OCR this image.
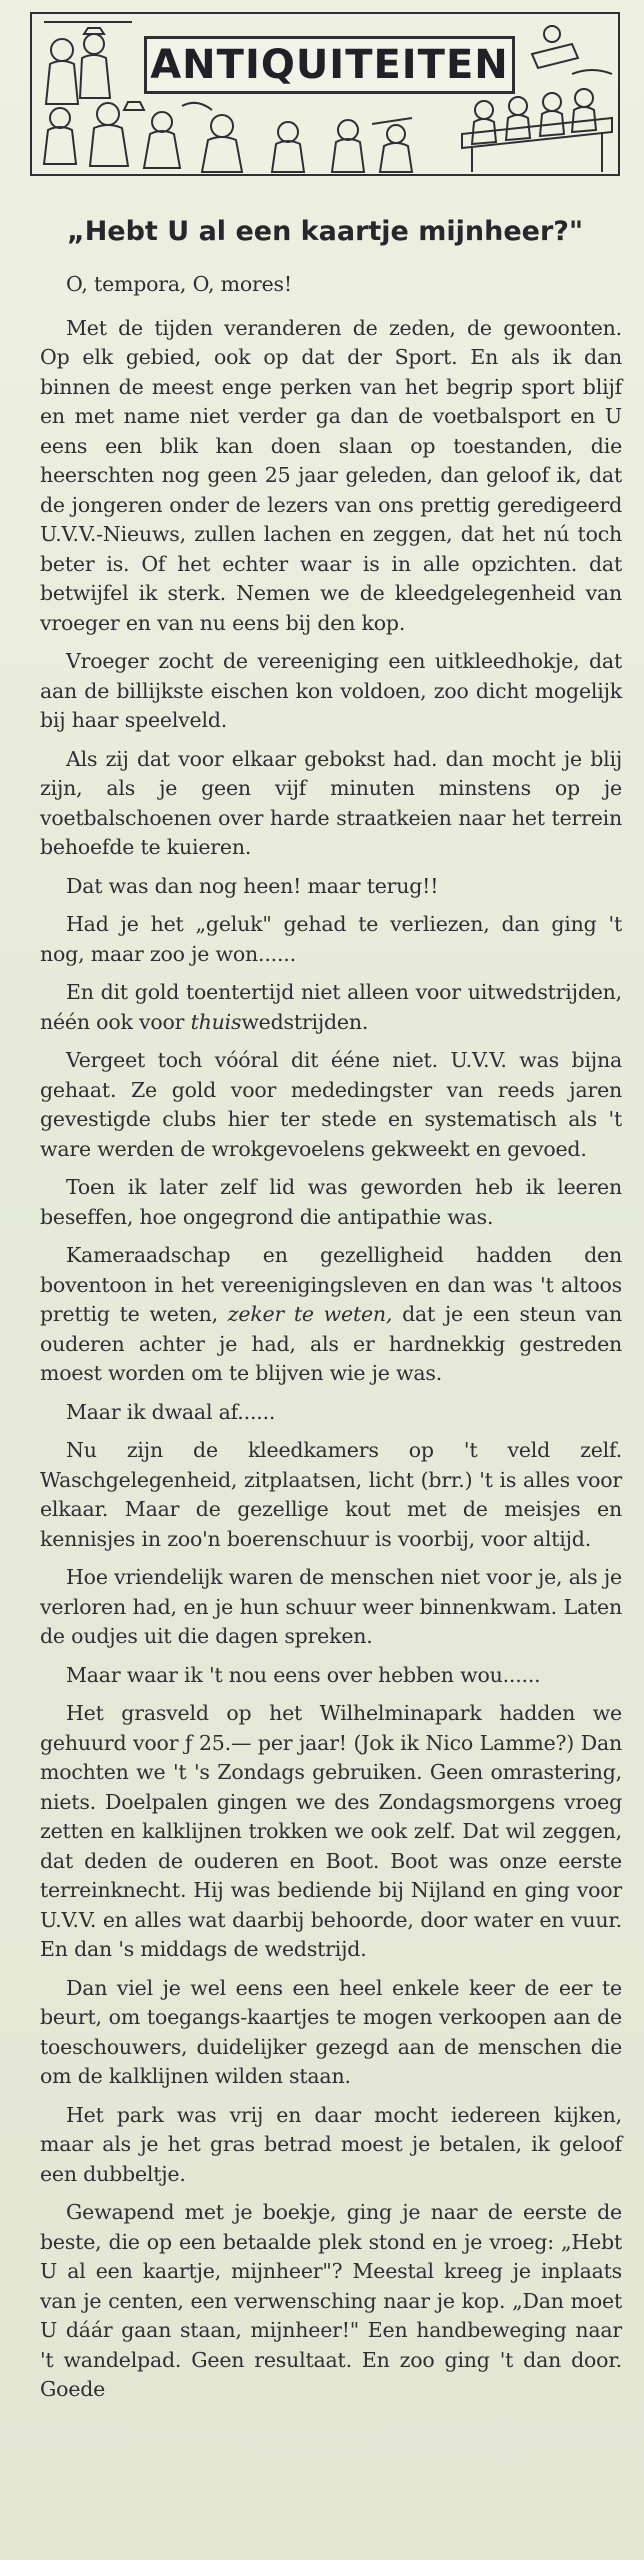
ANTIQUITEITEN
„Hebt U al een kaartje mijnheer?"

O, tempora, O, mores!

Met de tijden veranderen de zeden, de gewoonten. Op elk gebied, ook op dat der Sport. En als ik dan binnen de meest enge perken van het begrip sport blijf en met name niet verder ga dan de voetbalsport en U eens een blik kan doen slaan op toestanden, die heerschten nog geen 25 jaar geleden, dan geloof ik, dat de jongeren onder de lezers van ons prettig geredigeerd U.V.V.-Nieuws, zullen lachen en zeggen, dat het nú toch beter is. Of het echter waar is in alle opzichten. dat betwijfel ik sterk. Nemen we de kleedgelegenheid van vroeger en van nu eens bij den kop.

Vroeger zocht de vereeniging een uitkleedhokje, dat aan de billijkste eischen kon voldoen, zoo dicht mogelijk bij haar speelveld.

Als zij dat voor elkaar gebokst had. dan mocht je blij zijn, als je geen vijf minuten minstens op je voetbalschoenen over harde straatkeien naar het terrein behoefde te kuieren.

Dat was dan nog heen! maar terug!!

Had je het „geluk" gehad te verliezen, dan ging 't nog, maar zoo je won......

En dit gold toentertijd niet alleen voor uitwedstrijden, néén ook voor thuiswedstrijden.

Vergeet toch vóóral dit ééne niet. U.V.V. was bijna gehaat. Ze gold voor mededingster van reeds jaren gevestigde clubs hier ter stede en systematisch als 't ware werden de wrokgevoelens gekweekt en gevoed.

Toen ik later zelf lid was geworden heb ik leeren beseffen, hoe ongegrond die antipathie was.

Kameraadschap en gezelligheid hadden den boventoon in het vereenigingsleven en dan was 't altoos prettig te weten, zeker te weten, dat je een steun van ouderen achter je had, als er hardnekkig gestreden moest worden om te blijven wie je was.

Maar ik dwaal af......

Nu zijn de kleedkamers op 't veld zelf. Waschgelegenheid, zitplaatsen, licht (brr.) 't is alles voor elkaar. Maar de gezellige kout met de meisjes en kennisjes in zoo'n boerenschuur is voorbij, voor altijd.

Hoe vriendelijk waren de menschen niet voor je, als je verloren had, en je hun schuur weer binnenkwam. Laten de oudjes uit die dagen spreken.

Maar waar ik 't nou eens over hebben wou......

Het grasveld op het Wilhelminapark hadden we gehuurd voor ƒ 25.— per jaar! (Jok ik Nico Lamme?) Dan mochten we 't 's Zondags gebruiken. Geen omrastering, niets. Doelpalen gingen we des Zondagsmorgens vroeg zetten en kalklijnen trokken we ook zelf. Dat wil zeggen, dat deden de ouderen en Boot. Boot was onze eerste terreinknecht. Hij was bediende bij Nijland en ging voor U.V.V. en alles wat daarbij behoorde, door water en vuur. En dan 's middags de wedstrijd.

Dan viel je wel eens een heel enkele keer de eer te beurt, om toegangs-kaartjes te mogen verkoopen aan de toeschouwers, duidelijker gezegd aan de menschen die om de kalklijnen wilden staan.

Het park was vrij en daar mocht iedereen kijken, maar als je het gras betrad moest je betalen, ik geloof een dubbeltje.

Gewapend met je boekje, ging je naar de eerste de beste, die op een betaalde plek stond en je vroeg: „Hebt U al een kaartje, mijnheer"? Meestal kreeg je inplaats van je centen, een verwensching naar je kop. „Dan moet U dáár gaan staan, mijnheer!" Een handbeweging naar 't wandelpad. Geen resultaat. En zoo ging 't dan door. Goede
